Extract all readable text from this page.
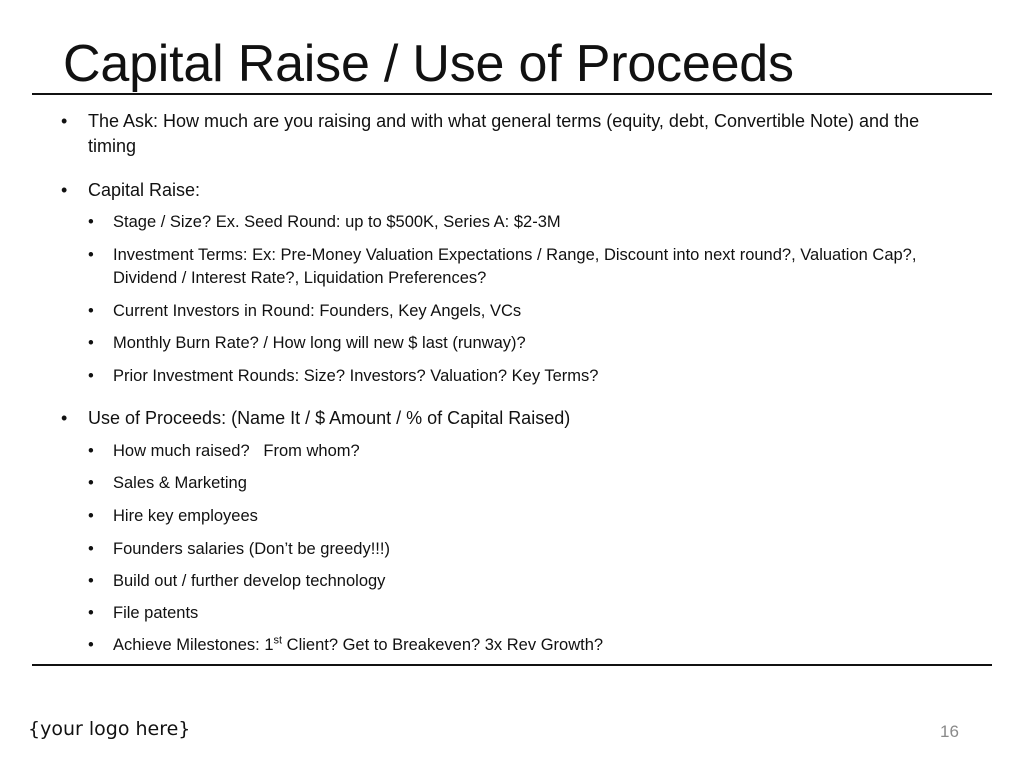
Capital Raise / Use of Proceeds

• The Ask: How much are you raising and with what general terms (equity, debt, Convertible Note) and the timing

• Capital Raise:

• Stage / Size? Ex. Seed Round: up to $500K, Series A: $2-3M

• Investment Terms: Ex: Pre-Money Valuation Expectations / Range, Discount into next round?, Valuation Cap?, Dividend / Interest Rate?, Liquidation Preferences?

• Current Investors in Round: Founders, Key Angels, VCs

• Monthly Burn Rate? / How long will new $ last (runway)?

• Prior Investment Rounds: Size? Investors? Valuation? Key Terms?

• Use of Proceeds: (Name It / $ Amount / % of Capital Raised)

• How much raised?   From whom?

• Sales & Marketing

• Hire key employees

• Founders salaries (Don’t be greedy!!!)

• Build out / further develop technology

• File patents

• Achieve Milestones: 1st Client? Get to Breakeven? 3x Rev Growth?

{your logo here}	16
